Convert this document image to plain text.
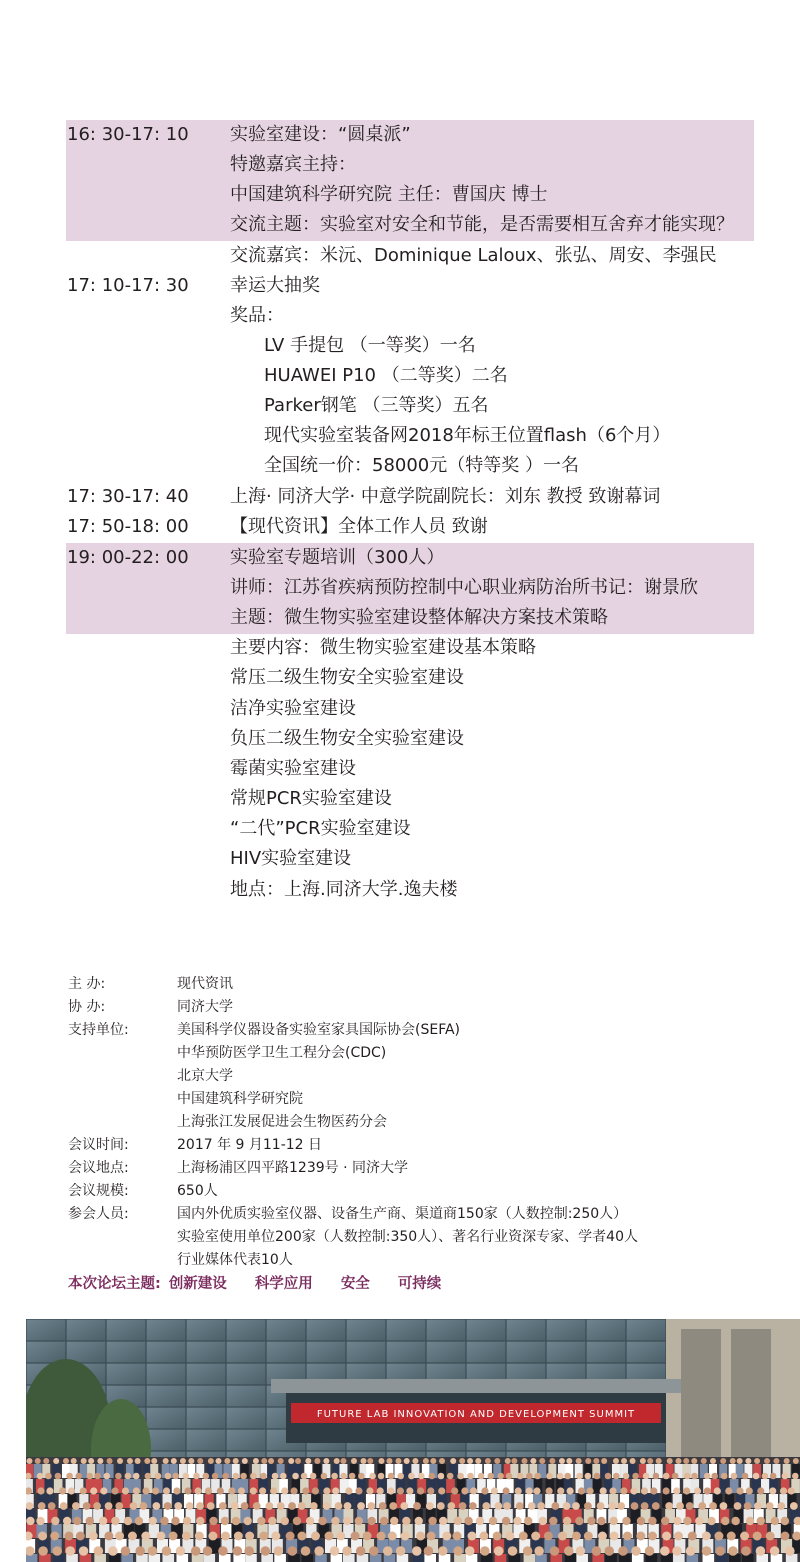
16: 30-17: 10 实验室建设：“圆桌派”
特邀嘉宾主持：
中国建筑科学研究院 主任：曹国庆 博士
交流主题：实验室对安全和节能，是否需要相互舍弃才能实现？
交流嘉宾：米沅、Dominique Laloux、张弘、周安、李强民
17: 10-17: 30 幸运大抽奖
奖品：
LV 手提包 （一等奖）一名
HUAWEI P10 （二等奖）二名
Parker钢笔 （三等奖）五名
现代实验室装备网2018年标王位置flash（6个月）
全国统一价：58000元（特等奖 ）一名
17: 30-17: 40 上海· 同济大学· 中意学院副院长：刘东 教授 致谢幕词
17: 50-18: 00 【现代资讯】全体工作人员 致谢
19: 00-22: 00 实验室专题培训（300人）
讲师：江苏省疾病预防控制中心职业病防治所书记：谢景欣
主题：微生物实验室建设整体解决方案技术策略
主要内容：微生物实验室建设基本策略
常压二级生物安全实验室建设
洁净实验室建设
负压二级生物安全实验室建设
霉菌实验室建设
常规PCR实验室建设
“二代”PCR实验室建设
HIV实验室建设
地点：上海.同济大学.逸夫楼
主 办:	现代资讯
协 办:	同济大学
支持单位:	美国科学仪器设备实验室家具国际协会(SEFA)
中华预防医学卫生工程分会(CDC)
北京大学
中国建筑科学研究院
上海张江发展促进会生物医药分会
会议时间:	2017 年 9 月11-12 日
会议地点:	上海杨浦区四平路1239号 · 同济大学
会议规模:	650人
参会人员:	国内外优质实验室仪器、设备生产商、渠道商150家（人数控制:250人）
实验室使用单位200家（人数控制:350人）、著名行业资深专家、学者40人
行业媒体代表10人
本次论坛主题: 创新建设 科学应用 安全 可持续
FUTURE LAB INNOVATION AND DEVELOPMENT SUMMIT
